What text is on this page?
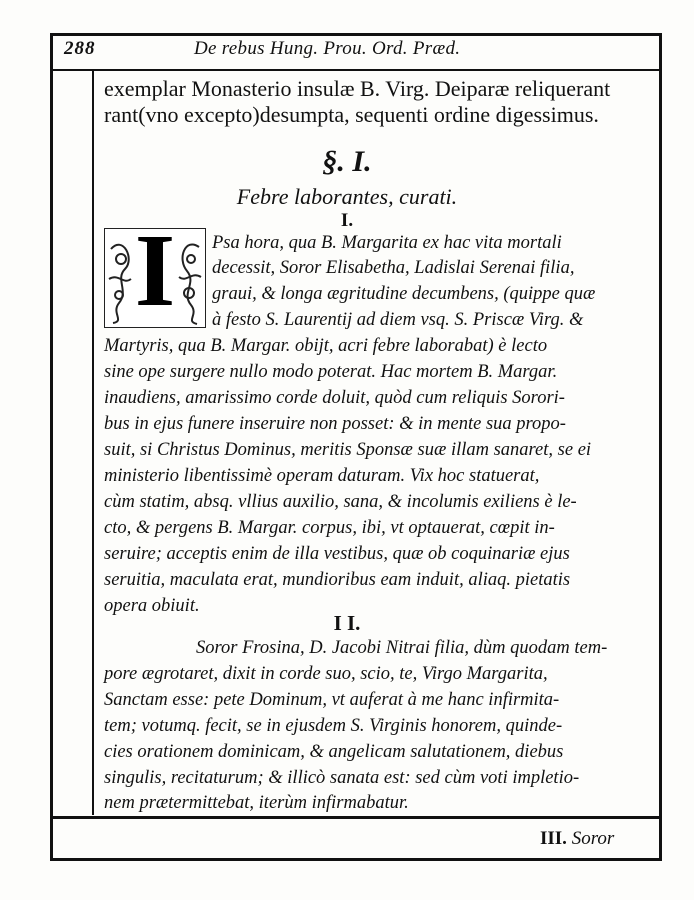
288	De rebus Hung. Prou. Ord. Præd.
exemplar Monasterio insulæ B. Virg. Deiparæ reliquerant
rant(vno excepto)desumpta, sequenti ordine digessimus.
§. I.
Febre laborantes, curati.
I.
I	Psa hora, qua B. Margarita ex hac vita mortali
decessit, Soror Elisabetha, Ladislai Serenai filia,
graui, & longa ægritudine decumbens, (quippe quæ
à festo S. Laurentij ad diem vsq. S. Priscæ Virg. &
Martyris, qua B. Margar. obijt, acri febre laborabat) è lecto
sine ope surgere nullo modo poterat. Hac mortem B. Margar.
inaudiens, amarissimo corde doluit, quòd cum reliquis Sorori-
bus in ejus funere inseruire non posset: & in mente sua propo-
suit, si Christus Dominus, meritis Sponsæ suæ illam sanaret, se ei
ministerio libentissimè operam daturam. Vix hoc statuerat,
cùm statim, absq. vllius auxilio, sana, & incolumis exiliens è le-
cto, & pergens B. Margar. corpus, ibi, vt optauerat, cœpit in-
seruire; acceptis enim de illa vestibus, quæ ob coquinariæ ejus
seruitia, maculata erat, mundioribus eam induit, aliaq. pietatis
opera obiuit.
I I.
Soror Frosina, D. Jacobi Nitrai filia, dùm quodam tem-
pore ægrotaret, dixit in corde suo, scio, te, Virgo Margarita,
Sanctam esse: pete Dominum, vt auferat à me hanc infirmita-
tem; votumq. fecit, se in ejusdem S. Virginis honorem, quinde-
cies orationem dominicam, & angelicam salutationem, diebus
singulis, recitaturum; & illicò sanata est: sed cùm voti impletio-
nem prætermittebat, iterùm infirmabatur.
III. Soror
